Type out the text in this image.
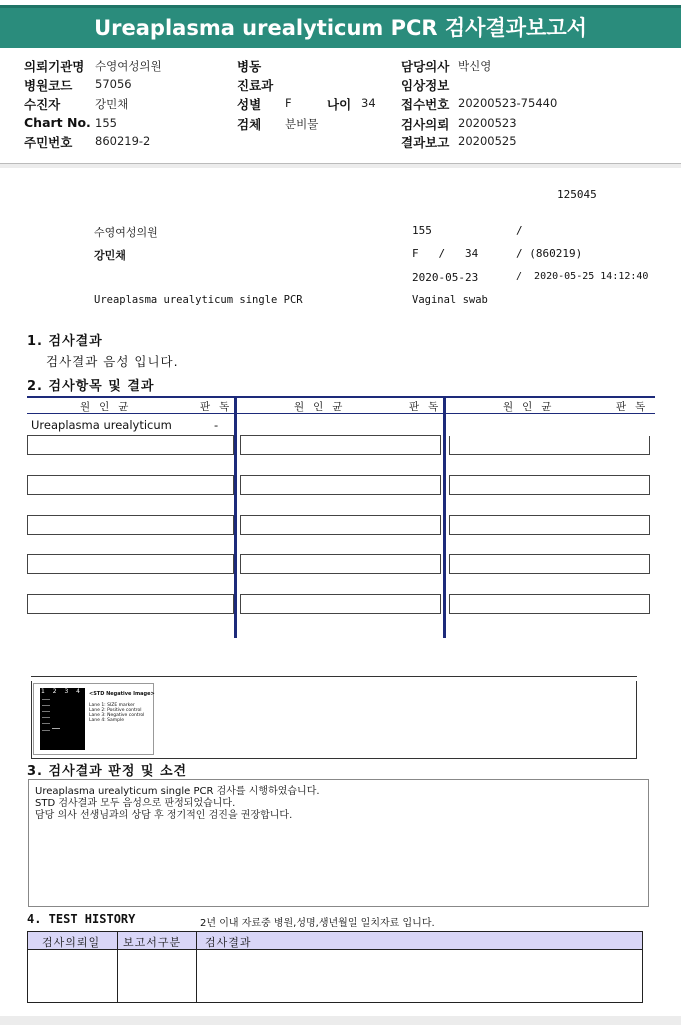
Ureaplasma urealyticum PCR 검사결과보고서
의뢰기관명 수영여성의원
병원코드 57056
수진자	강민채
Chart No. 155
주민번호 860219-2
병동
진료과
성별 F	나이 34
검체 분비물
담당의사 박신영
임상정보
접수번호 20200523-75440
검사의뢰 20200523
결과보고 20200525
125045
수영여성의원	155	/
강민채	F   /   34	/ (860219)
2020-05-23	/  2020-05-25 14:12:40
Ureaplasma urealyticum single PCR	Vaginal swab
1. 검사결과
검사결과 음성 입니다.
2. 검사항목 및 결과
원인균	판독	원인균	판독	원인균	판독
Ureaplasma urealyticum	-
1 2 3 4 <STD Negative Image>
Lane 1: SIZE marker
Lane 2: Positive control
Lane 3: Negative control
Lane 4: Sample
3. 검사결과 판정 및 소견
Ureaplasma urealyticum single PCR 검사를 시행하였습니다.
STD 검사결과 모두 음성으로 판정되었습니다.
담당 의사 선생님과의 상담 후 정기적인 검진을 권장합니다.
4. TEST HISTORY	2년 이내 자료중 병원,성명,생년월일 일치자료 입니다.
검사의뢰일 보고서구분 검사결과
